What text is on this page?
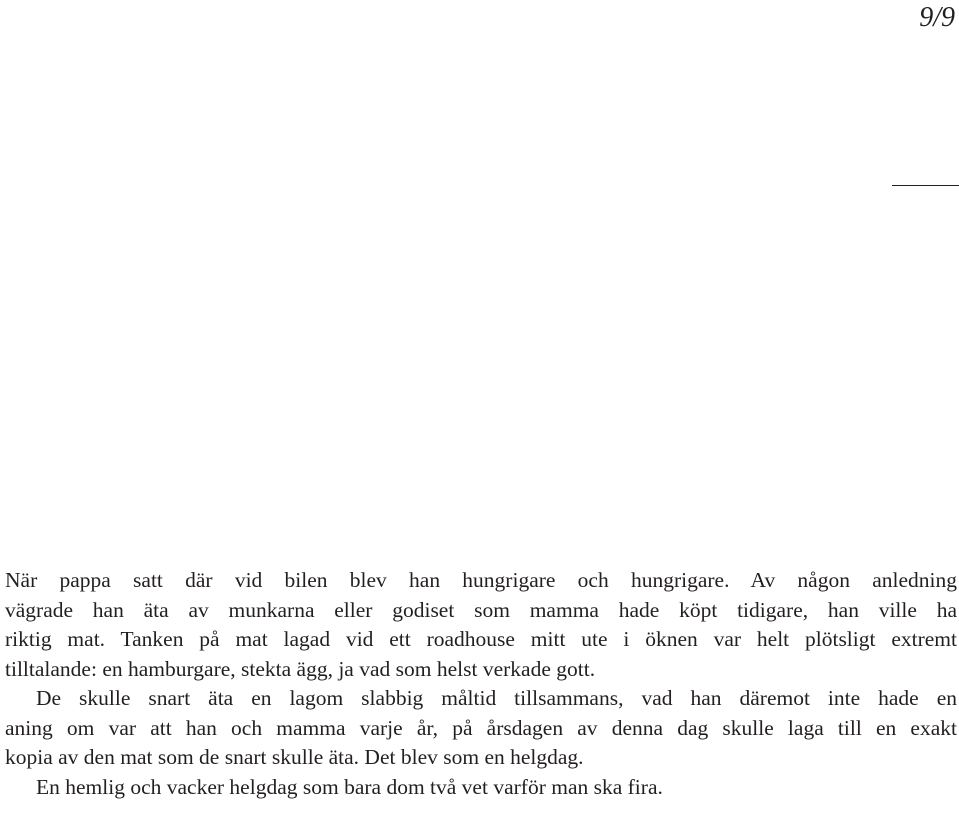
9/9

När pappa satt där vid bilen blev han hungrigare och hungrigare. Av någon anledning
vägrade han äta av munkarna eller godiset som mamma hade köpt tidigare, han ville ha
riktig mat. Tanken på mat lagad vid ett roadhouse mitt ute i öknen var helt plötsligt extremt
tilltalande: en hamburgare, stekta ägg, ja vad som helst verkade gott.

De skulle snart äta en lagom slabbig måltid tillsammans, vad han däremot inte hade en
aning om var att han och mamma varje år, på årsdagen av denna dag skulle laga till en exakt
kopia av den mat som de snart skulle äta. Det blev som en helgdag.

En hemlig och vacker helgdag som bara dom två vet varför man ska fira.
